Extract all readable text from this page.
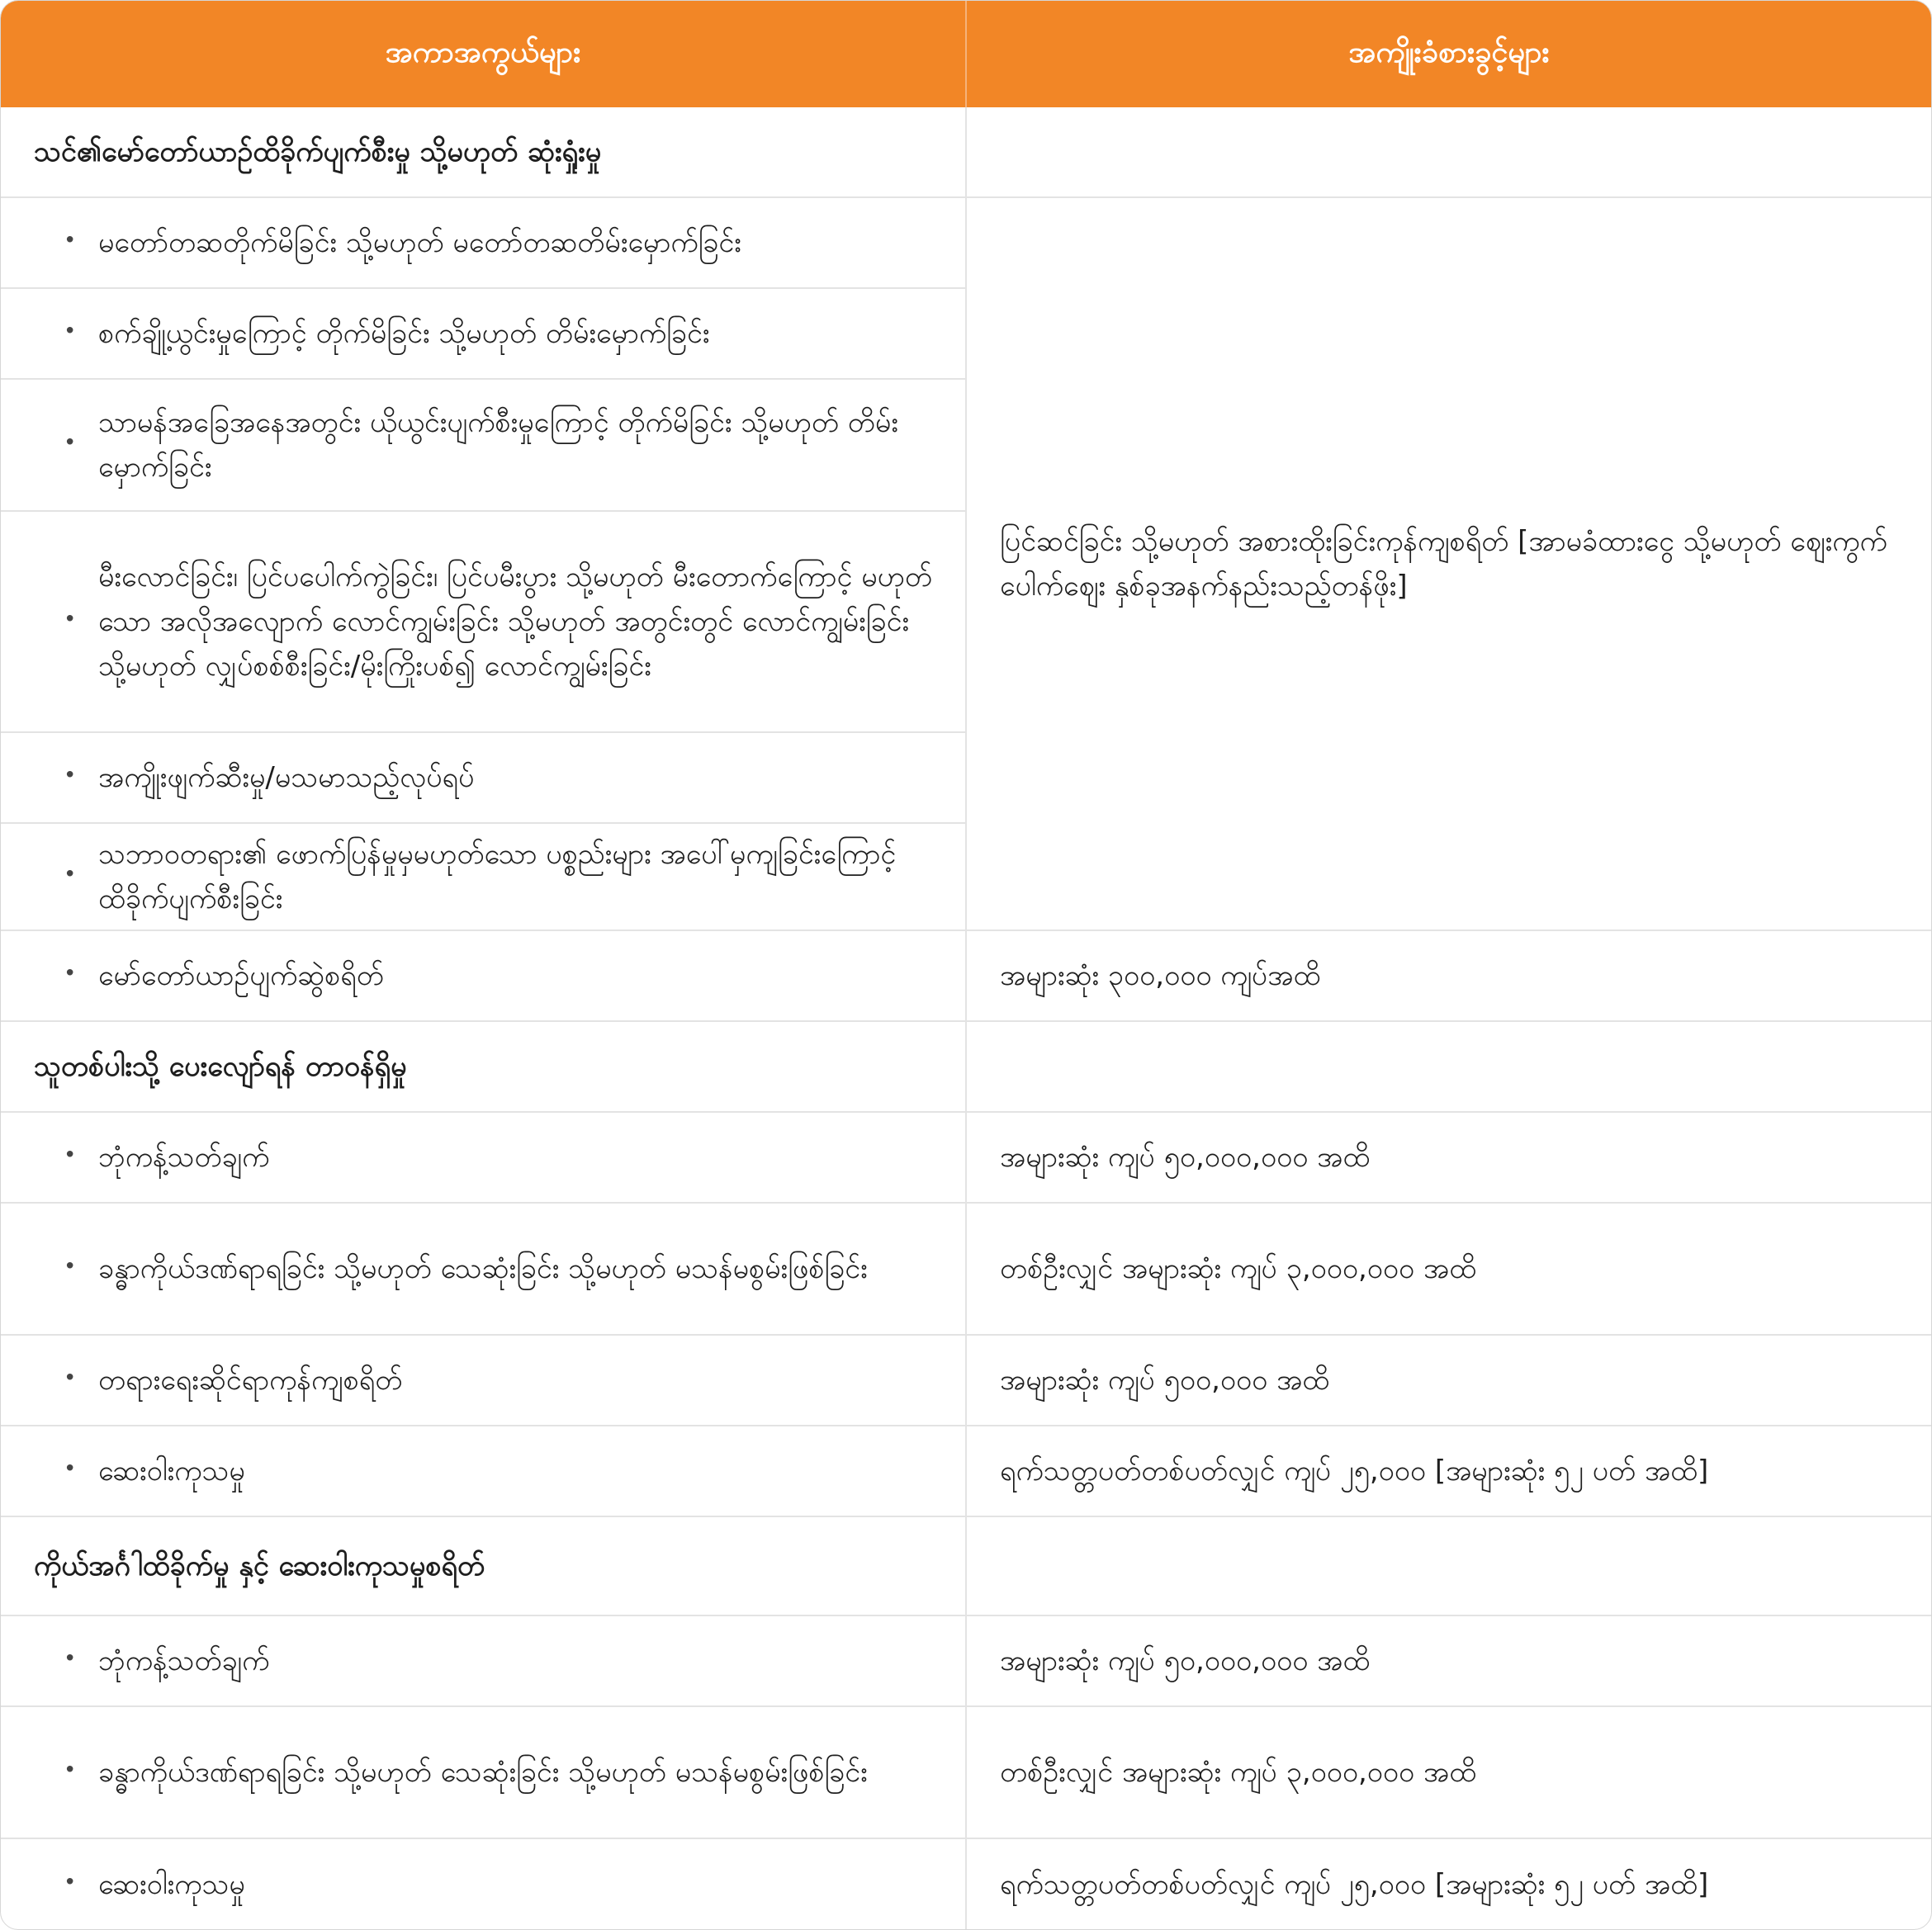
အကာအကွယ်များ	အကျိုးခံစားခွင့်များ
သင်၏မော်တော်ယာဉ်ထိခိုက်ပျက်စီးမှု သို့မဟုတ် ဆုံးရှုံးမှု
• မတော်တဆတိုက်မိခြင်း သို့မဟုတ် မတော်တဆတိမ်းမှောက်ခြင်း
• စက်ချို့ယွင်းမှုကြောင့် တိုက်မိခြင်း သို့မဟုတ် တိမ်းမှောက်ခြင်း
• သာမန်အခြေအနေအတွင်း ယိုယွင်းပျက်စီးမှုကြောင့် တိုက်မိခြင်း သို့မဟုတ် တိမ်းမှောက်ခြင်း
• မီးလောင်ခြင်း၊ ပြင်ပပေါက်ကွဲခြင်း၊ ပြင်ပမီးပွား သို့မဟုတ် မီးတောက်ကြောင့် မဟုတ်သော အလိုအလျောက် လောင်ကျွမ်းခြင်း သို့မဟုတ် အတွင်းတွင် လောင်ကျွမ်းခြင်း သို့မဟုတ် လျှပ်စစ်စီးခြင်း/မိုးကြိုးပစ်၍ လောင်ကျွမ်းခြင်း
• အကျိုးဖျက်ဆီးမှု/မသမာသည့်လုပ်ရပ်
• သဘာဝတရား၏ ဖောက်ပြန်မှုမှမဟုတ်သော ပစ္စည်းများ အပေါ်မှကျခြင်းကြောင့် ထိခိုက်ပျက်စီးခြင်း
• မော်တော်ယာဉ်ပျက်ဆွဲစရိတ်
သူတစ်ပါးသို့ ပေးလျော်ရန် တာဝန်ရှိမှု
• ဘုံကန့်သတ်ချက်
• ခန္ဓာကိုယ်ဒဏ်ရာရခြင်း သို့မဟုတ် သေဆုံးခြင်း သို့မဟုတ် မသန်မစွမ်းဖြစ်ခြင်း
• တရားရေးဆိုင်ရာကုန်ကျစရိတ်
• ဆေးဝါးကုသမှု
ကိုယ်အင်္ဂါထိခိုက်မှု နှင့် ဆေးဝါးကုသမှုစရိတ်
• ဘုံကန့်သတ်ချက်
• ခန္ဓာကိုယ်ဒဏ်ရာရခြင်း သို့မဟုတ် သေဆုံးခြင်း သို့မဟုတ် မသန်မစွမ်းဖြစ်ခြင်း
• ဆေးဝါးကုသမှု
ပြင်ဆင်ခြင်း သို့မဟုတ် အစားထိုးခြင်းကုန်ကျစရိတ် [အာမခံထားငွေ သို့မဟုတ် ဈေးကွက်ပေါက်ဈေး နှစ်ခုအနက်နည်းသည့်တန်ဖိုး]
အများဆုံး ၃၀၀,၀၀၀ ကျပ်အထိ
အများဆုံး ကျပ် ၅၀,၀၀၀,၀၀၀ အထိ
တစ်ဦးလျှင် အများဆုံး ကျပ် ၃,၀၀၀,၀၀၀ အထိ
အများဆုံး ကျပ် ၅၀၀,၀၀၀ အထိ
ရက်သတ္တပတ်တစ်ပတ်လျှင် ကျပ် ၂၅,၀၀၀ [အများဆုံး ၅၂ ပတ် အထိ]
အများဆုံး ကျပ် ၅၀,၀၀၀,၀၀၀ အထိ
တစ်ဦးလျှင် အများဆုံး ကျပ် ၃,၀၀၀,၀၀၀ အထိ
ရက်သတ္တပတ်တစ်ပတ်လျှင် ကျပ် ၂၅,၀၀၀ [အများဆုံး ၅၂ ပတ် အထိ]
